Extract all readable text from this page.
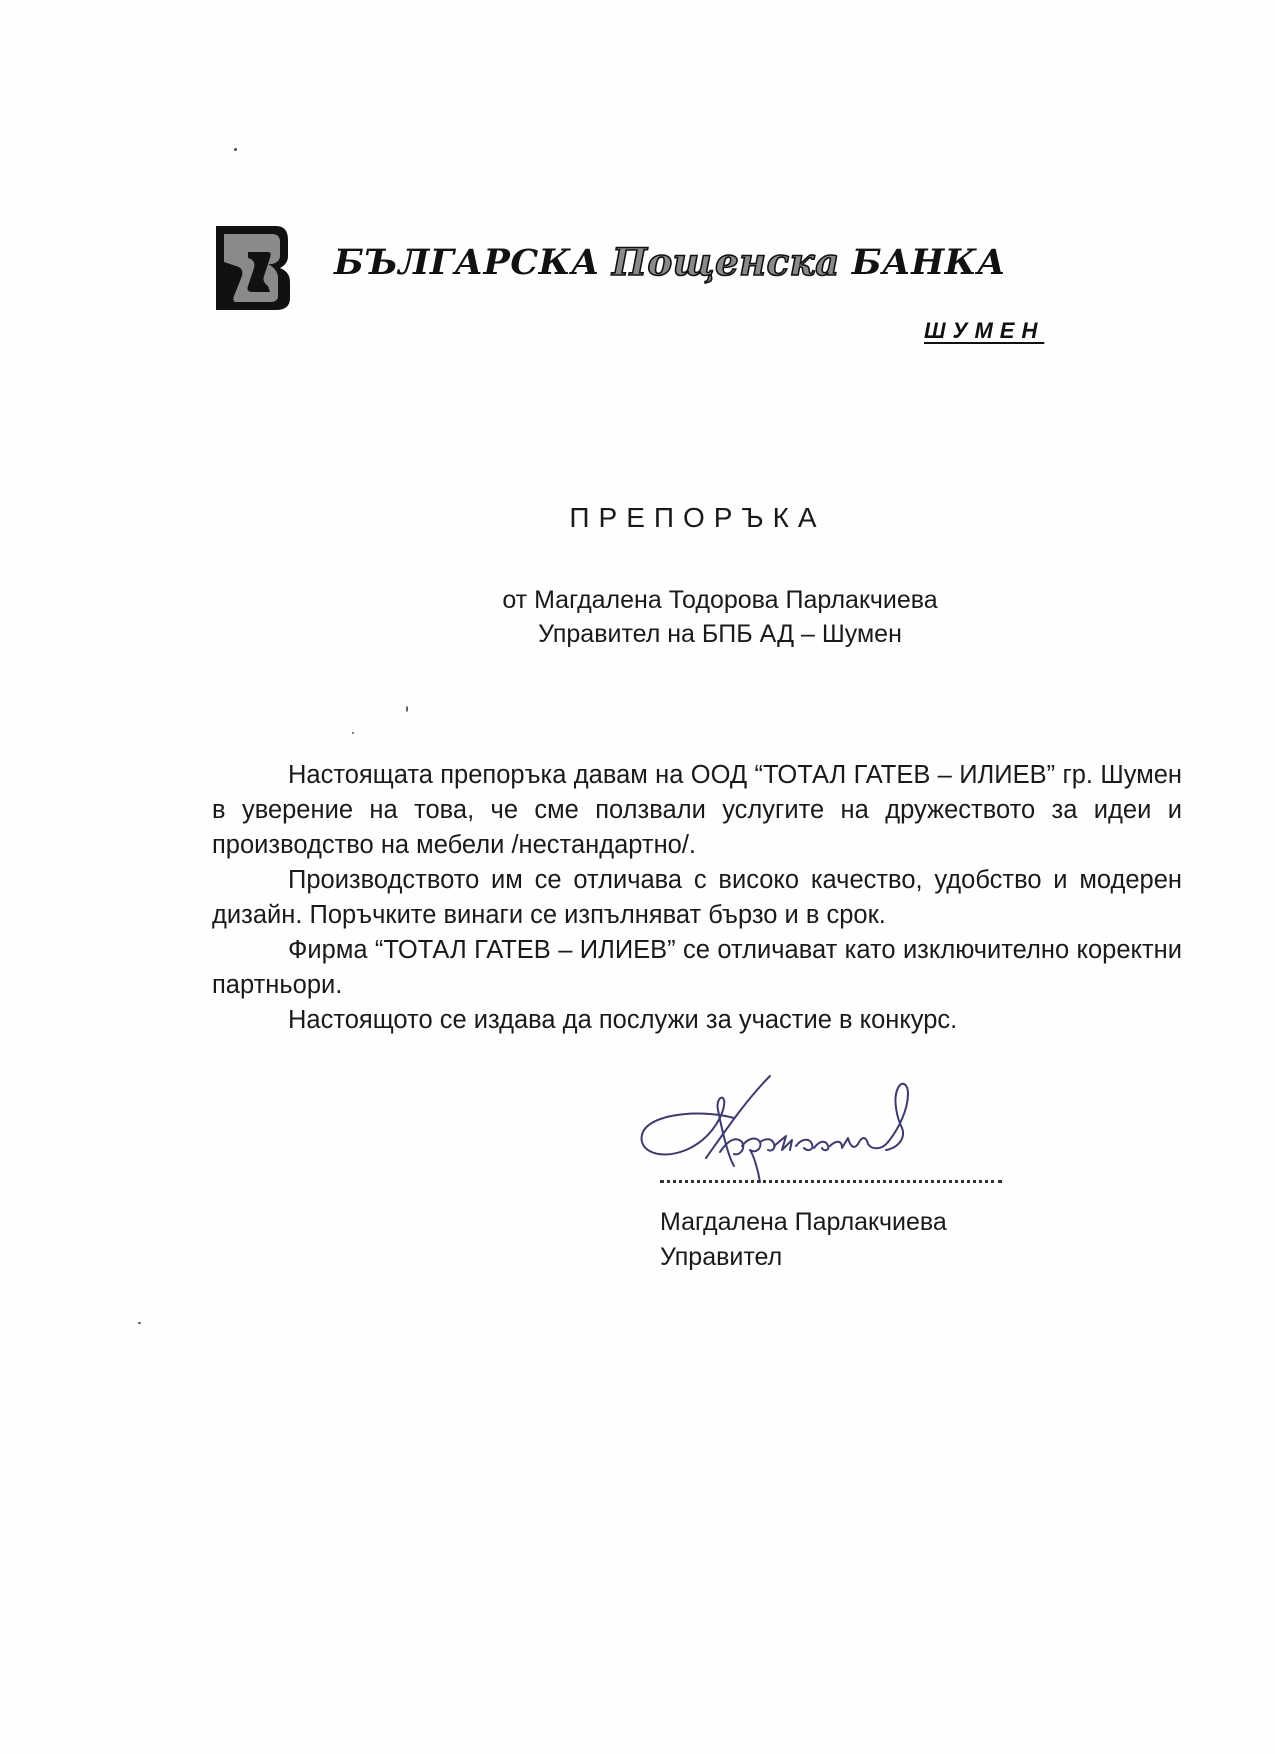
БЪЛГАРСКА Пощенска БАНКА
ШУМЕН
ПРЕПОРЪКА
от Магдалена Тодорова Парлакчиева
Управител на БПБ АД – Шумен

Настоящата препоръка давам на ООД “ТОТАЛ ГАТЕВ – ИЛИЕВ” гр. Шумен в уверение на това, че сме ползвали услугите на дружеството за идеи и производство на мебели /нестандартно/.

Производството им се отличава с високо качество, удобство и модерен дизайн. Поръчките винаги се изпълняват бързо и в срок.

Фирма “ТОТАЛ ГАТЕВ – ИЛИЕВ” се отличават като изключително коректни партньори.

Настоящото се издава да послужи за участие в конкурс.

Магдалена Парлакчиева
Управител
